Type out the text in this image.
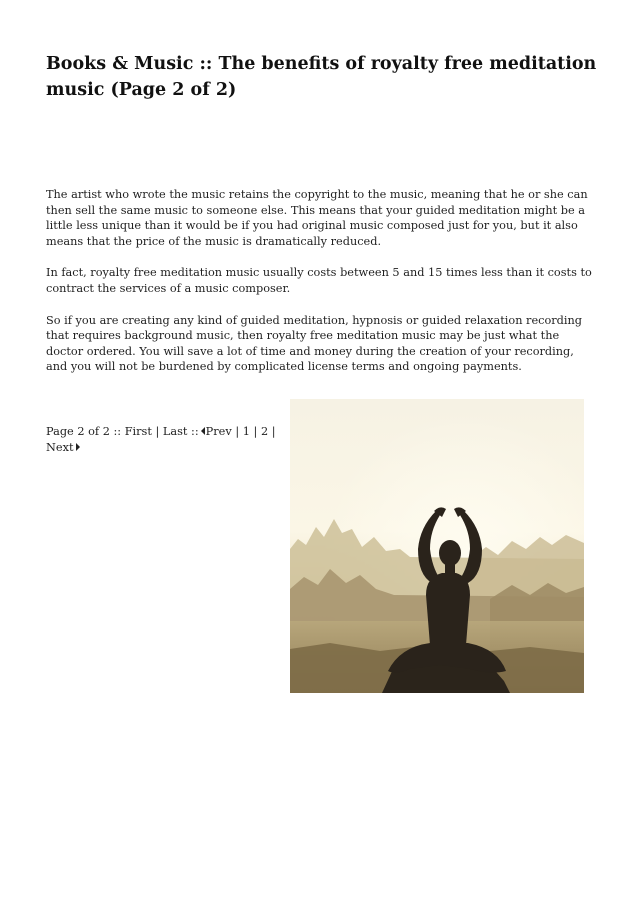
Books & Music :: The benefits of royalty free meditation music (Page 2 of 2)

The artist who wrote the music retains the copyright to the music, meaning that he or she can then sell the same music to someone else. This means that your guided meditation might be a little less unique than it would be if you had original music composed just for you, but it also means that the price of the music is dramatically reduced.

In fact, royalty free meditation music usually costs between 5 and 15 times less than it costs to contract the services of a music composer.

So if you are creating any kind of guided meditation, hypnosis or guided relaxation recording that requires background music, then royalty free meditation music may be just what the doctor ordered. You will save a lot of time and money during the creation of your recording, and you will not be burdened by complicated license terms and ongoing payments.

Page 2 of 2 :: First | Last :: Prev | 1 | 2 |
Next
